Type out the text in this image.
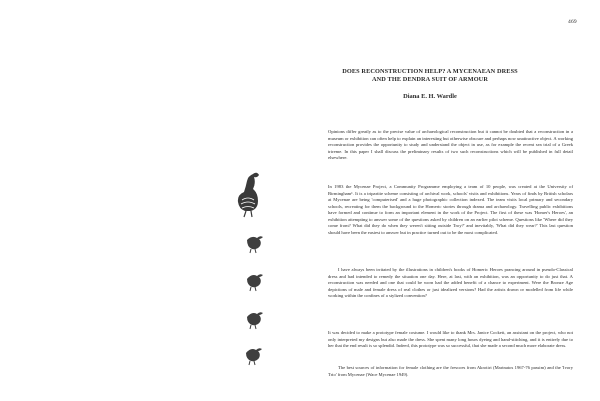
469
DOES RECONSTRUCTION HELP? A MYCENAEAN DRESS
AND THE DENDRA SUIT OF ARMOUR
Diana E. H. Wardle

Opinions differ greatly as to the precise value of archaeological reconstruction but it cannot be doubted that a reconstruction in a museum or exhibition can often help to explain an interesting but otherwise obscure and perhaps now unattractive object. A working reconstruction provides the opportunity to study and understand the object in use, as for example the recent sea trial of a Greek trireme. In this paper I shall discuss the preliminary results of two such reconstructions which will be published in full detail elsewhere.

In 1983 the Mycenae Project, a Community Programme employing a team of 10 people, was created at the University of Birmingham¹. It is a tripartite scheme consisting of archival work, schools' visits and exhibitions. Years of finds by British scholars at Mycenae are being 'computerised' and a huge photographic collection indexed. The team visits local primary and secondary schools, recreating for them the background to the Homeric stories through drama and archaeology. Travelling public exhibitions have formed and continue to form an important element in the work of the Project. The first of these was 'Homer's Heroes', an exhibition attempting to answer some of the questions asked by children on an earlier pilot scheme. Questions like 'Where did they come from? What did they do when they weren't sitting outside Troy?' and inevitably, 'What did they wear?' This last question should have been the easiest to answer but in practice turned out to be the most complicated.

I have always been irritated by the illustrations in children's books of Homeric Heroes prancing around in pseudo-Classical dress and had intended to remedy the situation one day. Here, at last, with an exhibition, was an opportunity to do just that. A reconstruction was needed and one that could be worn had the added benefit of a chance to experiment. Were the Bronze Age depictions of male and female dress of real clothes or just idealized versions? Had the artists drawn or modelled from life while working within the confines of a stylized convention?

It was decided to make a prototype female costume. I would like to thank Mrs. Janice Cockett, an assistant on the project, who not only interpreted my designs but also made the dress. She spent many long hours dyeing and hand-stitching, and it is entirely due to her that the end result is so splendid. Indeed, this prototype was so successful, that she made a second much more elaborate dress.

The best sources of information for female clothing are the frescoes from Akrotiri (Marinatos 1967-76 passim) and the 'Ivory Trio' from Mycenae (Wace Mycenae 1949).
